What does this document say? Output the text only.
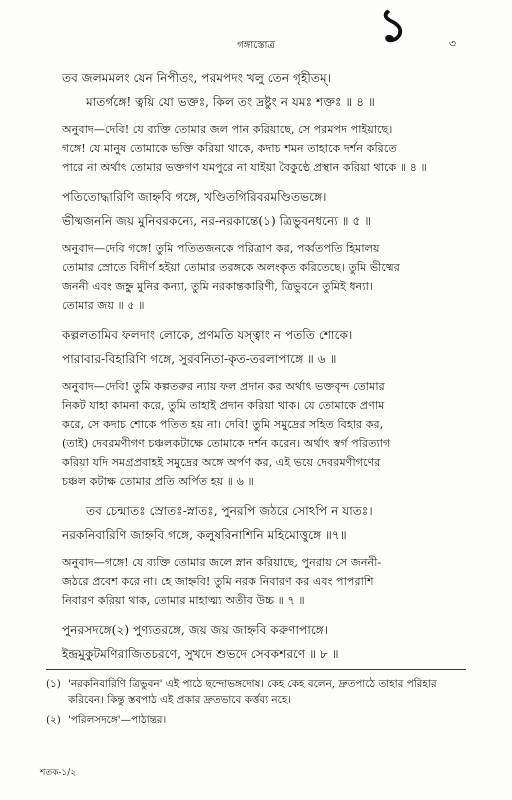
১
গঙ্গাস্তোত্র	৩

তব জলমমলং যেন নিপীতং, পরমপদং খলু তেন গৃহীতম্।

মাতর্গঙ্গে! ত্বয়ি যো ভক্তঃ, কিল তং দ্রষ্টুং ন যমঃ শক্তঃ ॥ ৪ ॥

অনুবাদ—দেবি! যে ব্যক্তি তোমার জল পান করিয়াছে, সে পরমপদ পাইয়াছে।

গঙ্গে! যে মানুষ তোমাকে ভক্তি করিয়া থাকে, কদাচ শমন তাহাকে দর্শন করিতে

পারে না অর্থাৎ তোমার ভক্তগণ যমপুরে না যাইয়া বৈকুণ্ঠে প্রস্থান করিয়া থাকে ॥ ৪ ॥

পতিতোদ্ধারিণি জাহ্নবি গঙ্গে, খণ্ডিতগিরিবরমণ্ডিতভঙ্গে।

ভীষ্মজননি জয় মুনিবরকন্যে, নর-নরকান্তে(১) ত্রিভুবনধন্যে ॥ ৫ ॥

অনুবাদ—দেবি গঙ্গে! তুমি পতিতজনকে পরিত্রাণ কর, পর্ব্বতপতি হিমালয়

তোমার স্রোতে বিদীর্ণ হইয়া তোমার তরঙ্গকে অলংকৃত করিতেছে। তুমি ভীষ্মের

জননী এবং জহ্নু মুনির কন্যা, তুমি নরকান্তকারিণী, ত্রিভুবনে তুমিই ধন্যা।

তোমার জয় ॥ ৫ ॥

কল্পলতামিব ফলদাং লোকে, প্রণমতি যস্ত্বাং ন পততি শোকে।

পারাবার-বিহারিণি গঙ্গে, সুরবনিতা-কৃত-তরলাপাঙ্গে ॥ ৬ ॥

অনুবাদ—দেবি! তুমি কল্পতরুর ন্যায় ফল প্রদান কর অর্থাৎ ভক্তবৃন্দ তোমার

নিকট যাহা কামনা করে, তুমি তাহাই প্রদান করিয়া থাক। যে তোমাকে প্রণাম

করে, সে কদাচ শোকে পতিত হয় না। দেবি! তুমি সমুদ্রের সহিত বিহার কর,

(তাই) দেবরমণীগণ চঞ্চলকটাক্ষে তোমাকে দর্শন করেন। অর্থাৎ স্বর্গ পরিত্যাগ

করিয়া যদি সমগ্রপ্রবাহই সমুদ্রের অঙ্গে অর্পণ কর, এই ভয়ে দেবরমণীগণের

চঞ্চল কটাক্ষ তোমার প্রতি অর্পিত হয় ॥ ৬ ॥

তব চেন্মাতঃ স্রোতঃ-স্নাতঃ, পুনরপি জঠরে সোঽপি ন যাতঃ।

নরকনিবারিণি জাহ্নবি গঙ্গে, কলুষবিনাশিনি মহিমোত্তুঙ্গে ॥৭॥

অনুবাদ—গঙ্গে! যে ব্যক্তি তোমার জলে স্নান করিয়াছে, পুনরায় সে জননী-

জঠরে প্রবেশ করে না। হে জাহ্নবি! তুমি নরক নিবারণ কর এবং পাপরাশি

নিবারণ করিয়া থাক, তোমার মাহাত্ম্য অতীব উচ্চ ॥ ৭ ॥

পুনরসদঙ্গে(২) পুণ্যতরঙ্গে, জয় জয় জাহ্নবি করুণাপাঙ্গে।

ইন্দ্রমুকুটমণিরাজিতচরণে, সুখদে শুভদে সেবকশরণে ॥ ৮ ॥

(১) 'নরকনিবারিণি ত্রিভুবন' এই পাঠে ছন্দোভঙ্গদোষ। কেহ কেহ বলেন, দ্রুতপাঠে তাহার পরিহার
করিবেন। কিন্তু স্তবপাঠ এই প্রকার দ্রুতভাবে কর্ত্তব্য নহে।
(২) 'পরিলসদঙ্গে'—পাঠান্তর।
শতক-১/২
